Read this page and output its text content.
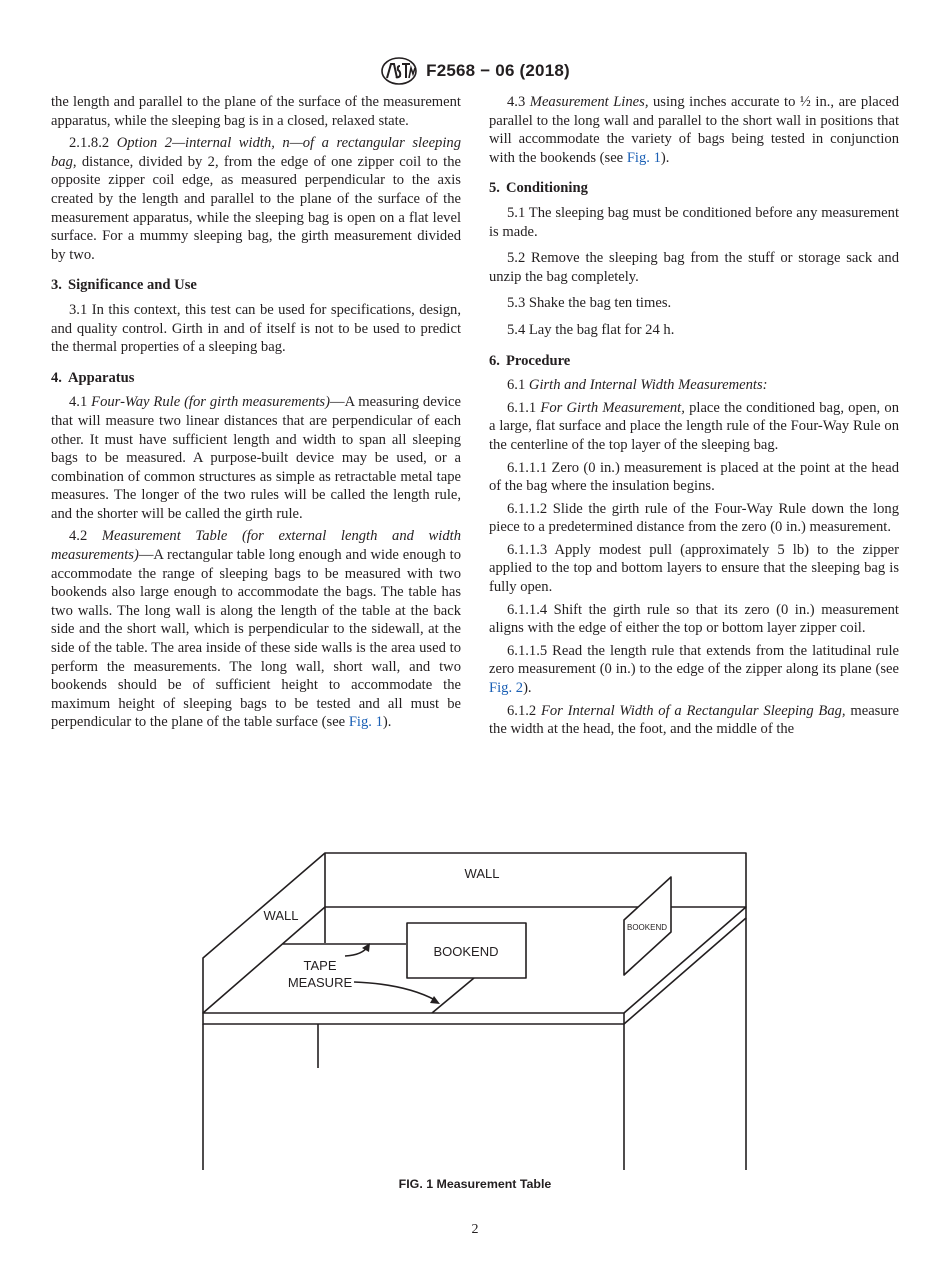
F2568 − 06 (2018)

the length and parallel to the plane of the surface of the measurement apparatus, while the sleeping bag is in a closed, relaxed state.

2.1.8.2 Option 2—internal width, n—of a rectangular sleeping bag, distance, divided by 2, from the edge of one zipper coil to the opposite zipper coil edge, as measured perpendicular to the axis created by the length and parallel to the plane of the surface of the measurement apparatus, while the sleeping bag is open on a flat level surface. For a mummy sleeping bag, the girth measurement divided by two.

3. Significance and Use

3.1 In this context, this test can be used for specifications, design, and quality control. Girth in and of itself is not to be used to predict the thermal properties of a sleeping bag.

4. Apparatus

4.1 Four-Way Rule (for girth measurements)—A measuring device that will measure two linear distances that are perpendicular of each other. It must have sufficient length and width to span all sleeping bags to be measured. A purpose-built device may be used, or a combination of common structures as simple as retractable metal tape measures. The longer of the two rules will be called the length rule, and the shorter will be called the girth rule.

4.2 Measurement Table (for external length and width measurements)—A rectangular table long enough and wide enough to accommodate the range of sleeping bags to be measured with two bookends also large enough to accommodate the bags. The table has two walls. The long wall is along the length of the table at the back side and the short wall, which is perpendicular to the sidewall, at the side of the table. The area inside of these side walls is the area used to perform the measurements. The long wall, short wall, and two bookends should be of sufficient height to accommodate the maximum height of sleeping bags to be tested and all must be perpendicular to the plane of the table surface (see Fig. 1).

4.3 Measurement Lines, using inches accurate to ½ in., are placed parallel to the long wall and parallel to the short wall in positions that will accommodate the variety of bags being tested in conjunction with the bookends (see Fig. 1).

5. Conditioning

5.1 The sleeping bag must be conditioned before any measurement is made.

5.2 Remove the sleeping bag from the stuff or storage sack and unzip the bag completely.

5.3 Shake the bag ten times.

5.4 Lay the bag flat for 24 h.

6. Procedure

6.1 Girth and Internal Width Measurements:

6.1.1 For Girth Measurement, place the conditioned bag, open, on a large, flat surface and place the length rule of the Four-Way Rule on the centerline of the top layer of the sleeping bag.

6.1.1.1 Zero (0 in.) measurement is placed at the point at the head of the bag where the insulation begins.

6.1.1.2 Slide the girth rule of the Four-Way Rule down the long piece to a predetermined distance from the zero (0 in.) measurement.

6.1.1.3 Apply modest pull (approximately 5 lb) to the zipper applied to the top and bottom layers to ensure that the sleeping bag is fully open.

6.1.1.4 Shift the girth rule so that its zero (0 in.) measurement aligns with the edge of either the top or bottom layer zipper coil.

6.1.1.5 Read the length rule that extends from the latitudinal rule zero measurement (0 in.) to the edge of the zipper along its plane (see Fig. 2).

6.1.2 For Internal Width of a Rectangular Sleeping Bag, measure the width at the head, the foot, and the middle of the

WALL
WALL
BOOKEND
BOOKEND
TAPE
MEASURE
FIG. 1 Measurement Table
2
